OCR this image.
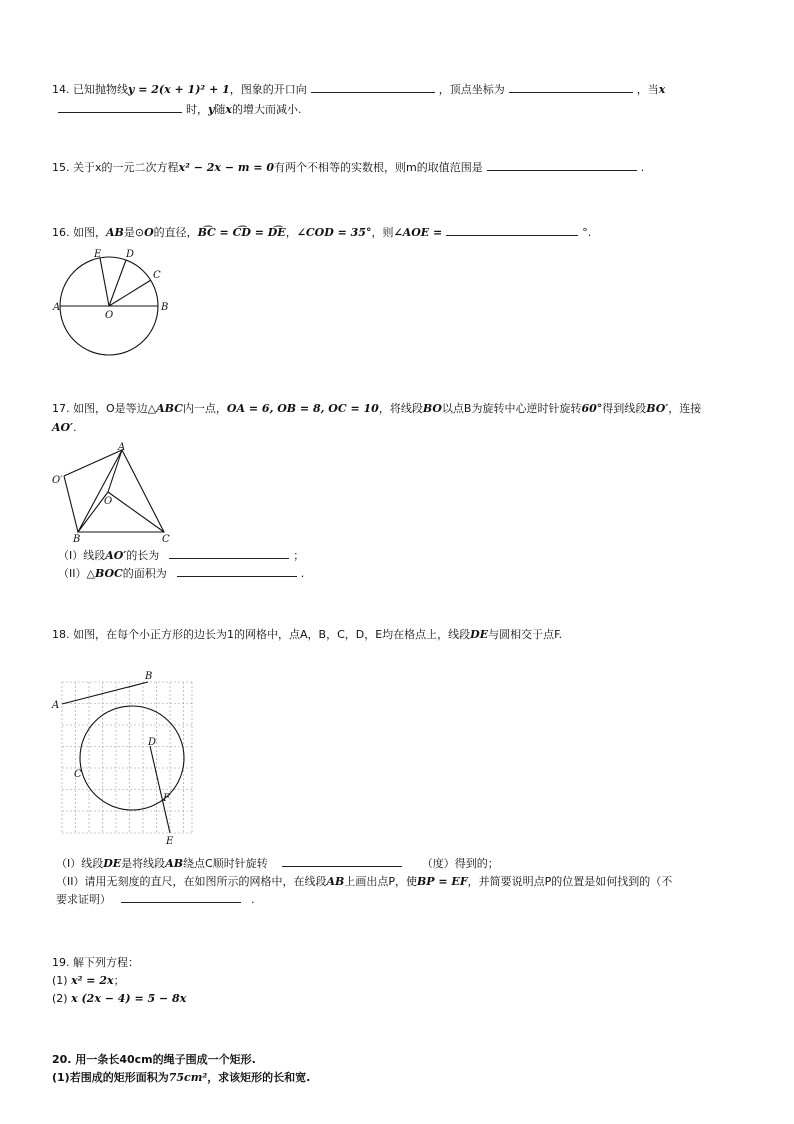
14. 已知抛物线y = 2(x + 1)² + 1，图象的开口向	，顶点坐标为	，当x
时，y随x的增大而减小.
15. 关于x的一元二次方程x² − 2x − m = 0有两个不相等的实数根，则m的取值范围是	.
16. 如图，AB是⊙O的直径，B͡C = C͡D = D͡E，∠COD = 35°，则∠AOE =	°.
A	B
C
D
E
O
17. 如图，O是等边△ABC内一点，OA = 6, OB = 8, OC = 10，将线段BO以点B为旋转中心逆时针旋转60°得到线段BO′，连接
AO′.
A
B	C
O
O′
（I）线段AO′的长为	；
（II）△BOC的面积为	.
18. 如图，在每个小正方形的边长为1的网格中，点A，B，C，D，E均在格点上，线段DE与圆相交于点F.
A
B
C
D
E
F
（I）线段DE是将线段AB绕点C顺时针旋转	（度）得到的；
（II）请用无刻度的直尺，在如图所示的网格中，在线段AB上画出点P，使BP = EF，并简要说明点P的位置是如何找到的（不
要求证明）	.
19. 解下列方程：
(1) x² = 2x；
(2) x (2x − 4) = 5 − 8x
20. 用一条长40cm的绳子围成一个矩形.
(1)若围成的矩形面积为75cm²，求该矩形的长和宽.
